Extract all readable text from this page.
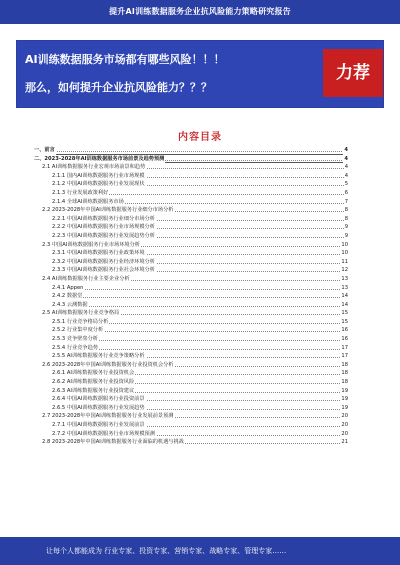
提升AI训练数据服务企业抗风险能力策略研究报告
AI训练数据服务市场都有哪些风险！！！
那么，如何提升企业抗风险能力？？？
力荐
内容目录
一、前言	4
二、2023-2028年AI训练数据服务市场前景及趋势预测	4
2.1 AI训练数据服务行业宏观市场前景和趋势	4
2.1.1 国内AI训练数据服务行业市场规模	4
2.1.2 中国AI训练数据服务行业发展现状	5
2.1.3 行业发展政策利好	6
2.1.4 全球AI训练数据服务市场	7
2.2 2023-2028年中国AI训练数据服务行业细分市场分析	8
2.2.1 中国AI训练数据服务行业细分市场分析	8
2.2.2 中国AI训练数据服务行业市场规模分析	9
2.2.3 中国AI训练数据服务行业发展趋势分析	9
2.3 中国AI训练数据服务行业市场环境分析	10
2.3.1 中国AI训练数据服务行业政策环境	10
2.3.2 中国AI训练数据服务行业经济环境分析	11
2.3.3 中国AI训练数据服务行业社会环境分析	12
2.4 AI训练数据服务行业主要企业分析	13
2.4.1 Appen	13
2.4.2 数据堂	14
2.4.3 云测数据	14
2.5 AI训练数据服务行业竞争格局	15
2.5.1 行业竞争格局分析	15
2.5.2 行业集中度分析	16
2.5.3 竞争壁垒分析	16
2.5.4 行业竞争趋势	17
2.5.5 AI训练数据服务行业竞争策略分析	17
2.6 2023-2028年中国AI训练数据服务行业投资机会分析	18
2.6.1 AI训练数据服务行业投资机会	18
2.6.2 AI训练数据服务行业投资风险	18
2.6.3 AI训练数据服务行业投资建议	19
2.6.4 中国AI训练数据服务行业投资前景	19
2.6.5 中国AI训练数据服务行业发展趋势	19
2.7 2023-2028年中国AI训练数据服务行业发展前景预测	20
2.7.1 中国AI训练数据服务行业发展前景	20
2.7.2 中国AI训练数据服务行业市场规模预测	20
2.8 2023-2028年中国AI训练数据服务行业面临的机遇与挑战	21
让每个人都能成为 行业专家、投资专家、营销专家、战略专家、管理专家……
